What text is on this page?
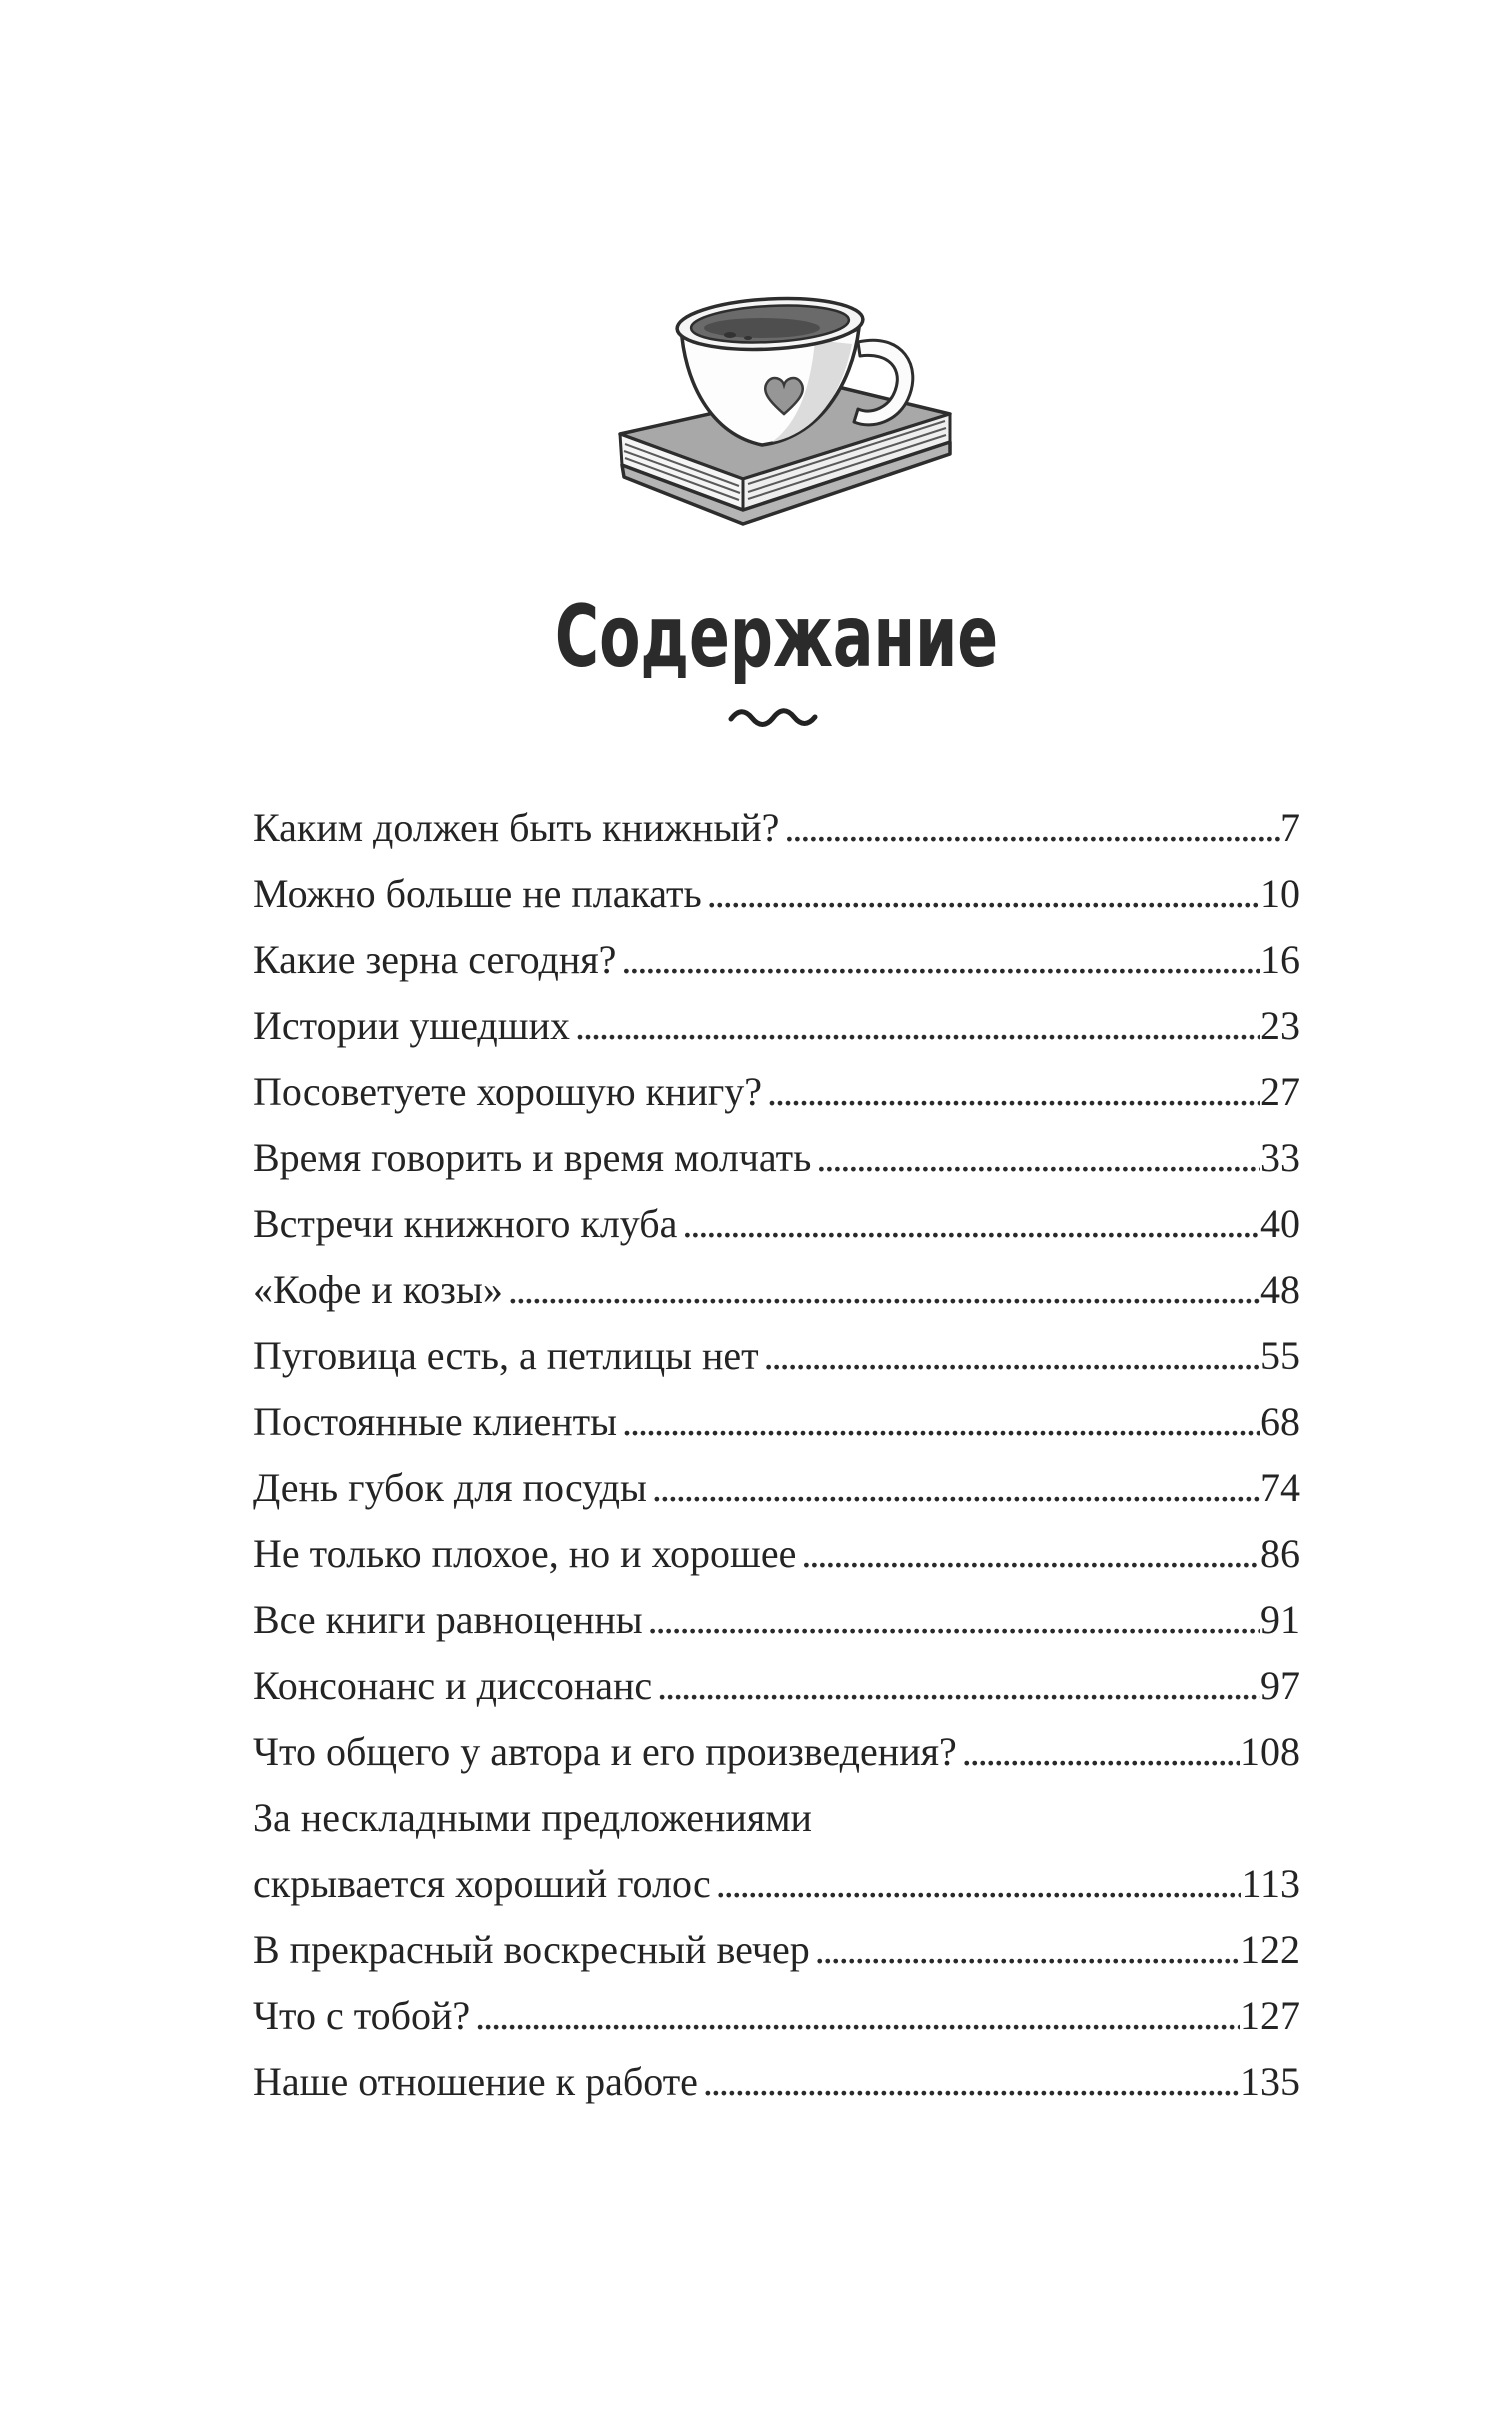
Содержание
Каким должен быть книжный? .....	7
Можно больше не плакать .....	10
Какие зерна сегодня? .....	16
Истории ушедших .....	23
Посоветуете хорошую книгу? .....	27
Время говорить и время молчать .....	33
Встречи книжного клуба .....	40
«Кофе и козы» .....	48
Пуговица есть, а петлицы нет .....	55
Постоянные клиенты .....	68
День губок для посуды .....	74
Не только плохое, но и хорошее .....	86
Все книги равноценны .....	91
Консонанс и диссонанс .....	97
Что общего у автора и его произведения? .....	108
За нескладными предложениями
скрывается хороший голос .....	113
В прекрасный воскресный вечер .....	122
Что с тобой? .....	127
Наше отношение к работе .....	135
